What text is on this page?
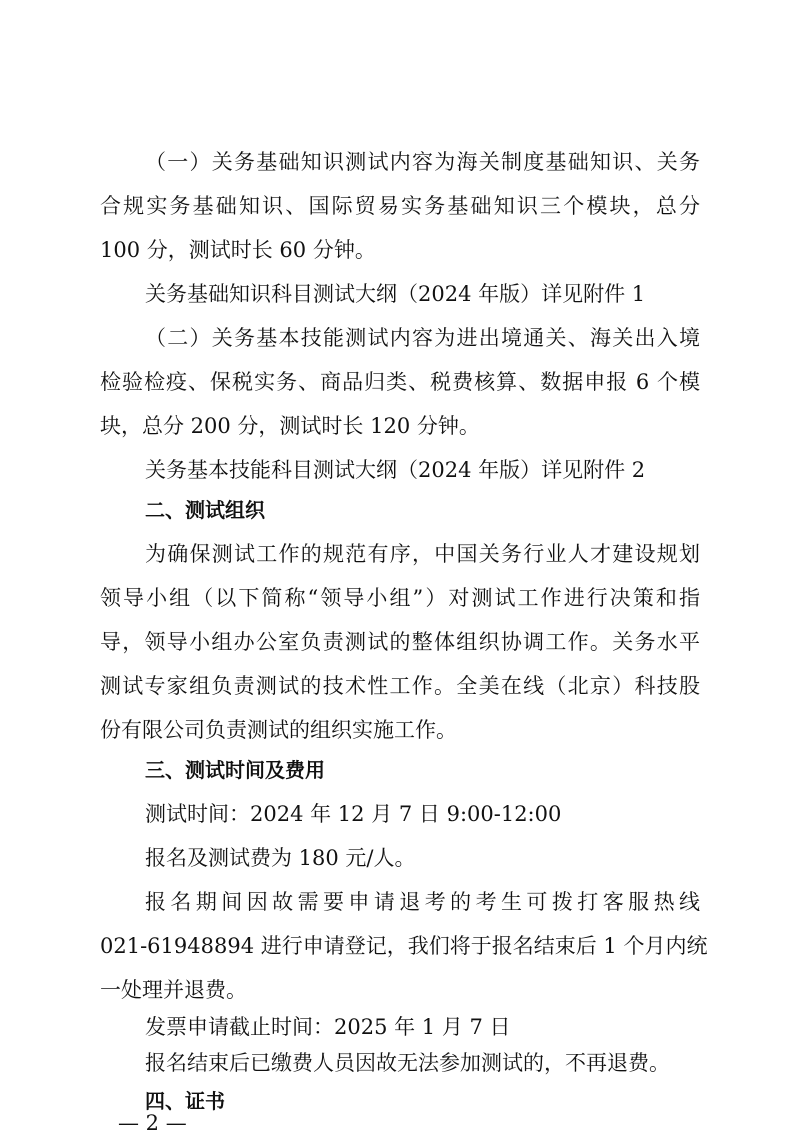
（一）关务基础知识测试内容为海关制度基础知识、关务
合规实务基础知识、国际贸易实务基础知识三个模块，总分
100 分，测试时长 60 分钟。
关务基础知识科目测试大纲（2024 年版）详见附件 1
（二）关务基本技能测试内容为进出境通关、海关出入境
检验检疫、保税实务、商品归类、税费核算、数据申报 6 个模
块，总分 200 分，测试时长 120 分钟。
关务基本技能科目测试大纲（2024 年版）详见附件 2
二、测试组织
为确保测试工作的规范有序，中国关务行业人才建设规划
领导小组（以下简称“领导小组”）对测试工作进行决策和指
导，领导小组办公室负责测试的整体组织协调工作。关务水平
测试专家组负责测试的技术性工作。全美在线（北京）科技股
份有限公司负责测试的组织实施工作。
三、测试时间及费用
测试时间：2024 年 12 月 7 日 9:00-12:00
报名及测试费为 180 元/人。
报名期间因故需要申请退考的考生可拨打客服热线
021-61948894 进行申请登记，我们将于报名结束后 1 个月内统
一处理并退费。
发票申请截止时间：2025 年 1 月 7 日
报名结束后已缴费人员因故无法参加测试的，不再退费。
四、证书
— 2 —
